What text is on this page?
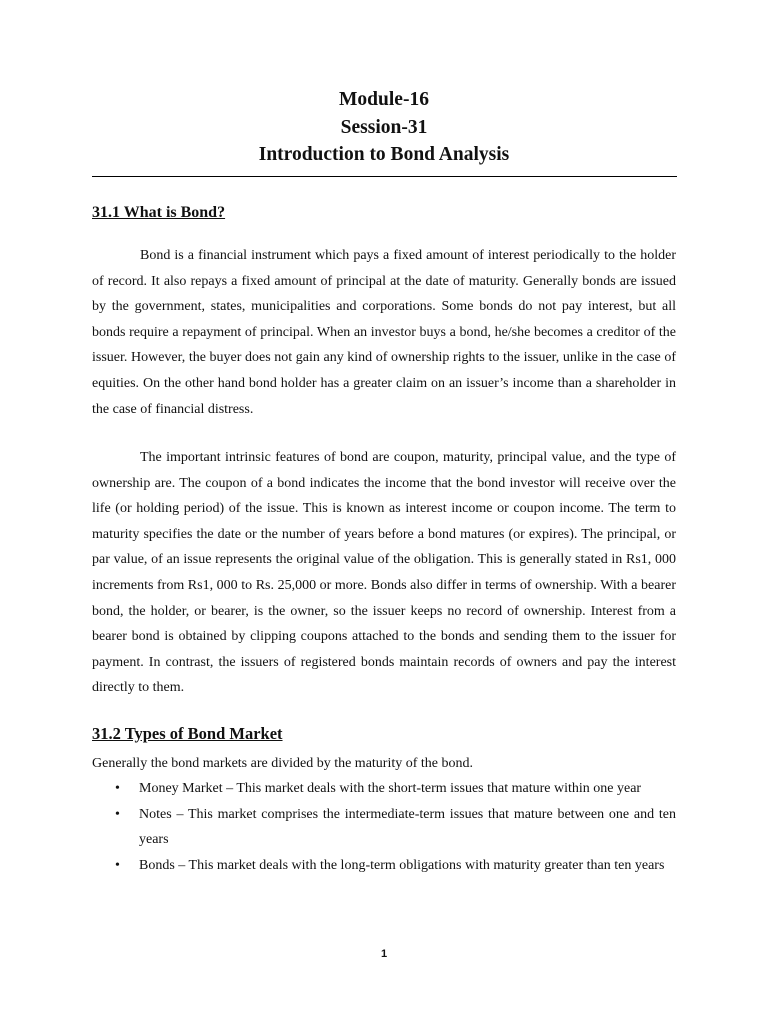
Module-16
Session-31
Introduction to Bond Analysis
31.1 What is Bond?
Bond is a financial instrument which pays a fixed amount of interest periodically to the holder of record. It also repays a fixed amount of principal at the date of maturity. Generally bonds are issued by the government, states, municipalities and corporations. Some bonds do not pay interest, but all bonds require a repayment of principal. When an investor buys a bond, he/she becomes a creditor of the issuer. However, the buyer does not gain any kind of ownership rights to the issuer, unlike in the case of equities. On the other hand bond holder has a greater claim on an issuer’s income than a shareholder in the case of financial distress.
The important intrinsic features of bond are coupon, maturity, principal value, and the type of ownership are. The coupon of a bond indicates the income that the bond investor will receive over the life (or holding period) of the issue. This is known as interest income or coupon income. The term to maturity specifies the date or the number of years before a bond matures (or expires). The principal, or par value, of an issue represents the original value of the obligation. This is generally stated in Rs1, 000 increments from Rs1, 000 to Rs. 25,000 or more. Bonds also differ in terms of ownership. With a bearer bond, the holder, or bearer, is the owner, so the issuer keeps no record of ownership. Interest from a bearer bond is obtained by clipping coupons attached to the bonds and sending them to the issuer for payment. In contrast, the issuers of registered bonds maintain records of owners and pay the interest directly to them.
31.2 Types of Bond Market
Generally the bond markets are divided by the maturity of the bond.
• Money Market – This market deals with the short-term issues that mature within one year
• Notes – This market comprises the intermediate-term issues that mature between one and ten years
• Bonds – This market deals with the long-term obligations with maturity greater than ten years
1
